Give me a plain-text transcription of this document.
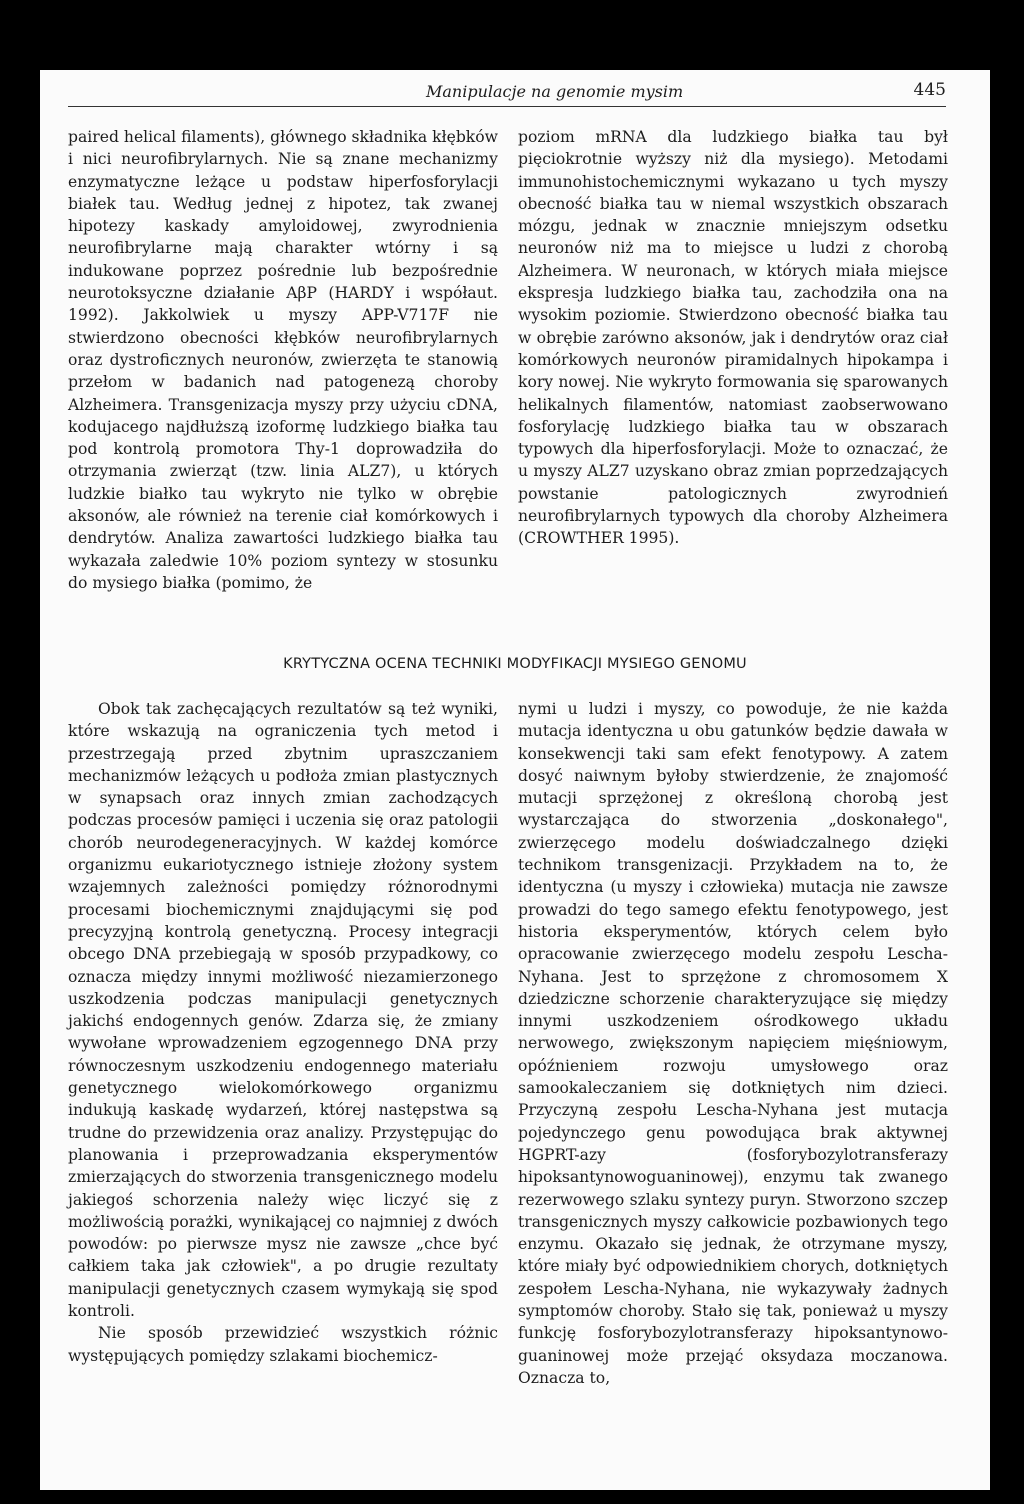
Manipulacje na genomie mysim	445

paired helical filaments), głównego składnika kłębków i nici neurofibrylarnych. Nie są znane mechanizmy enzymatyczne leżące u podstaw hiperfosforylacji białek tau. Według jednej z hipotez, tak zwanej hipotezy kaskady amyloidowej, zwyrodnienia neurofibrylarne mają charakter wtórny i są indukowane poprzez pośrednie lub bezpośrednie neurotoksyczne działanie AβP (HARDY i współaut. 1992). Jakkolwiek u myszy APP-V717F nie stwierdzono obecności kłębków neurofibrylarnych oraz dystroficznych neuronów, zwierzęta te stanowią przełom w badanich nad patogenezą choroby Alzheimera. Transgenizacja myszy przy użyciu cDNA, kodujacego najdłuższą izoformę ludzkiego białka tau pod kontrolą promotora Thy-1 doprowadziła do otrzymania zwierząt (tzw. linia ALZ7), u których ludzkie białko tau wykryto nie tylko w obrębie aksonów, ale również na terenie ciał komórkowych i dendrytów. Analiza zawartości ludzkiego białka tau wykazała zaledwie 10% poziom syntezy w stosunku do mysiego białka (pomimo, że

poziom mRNA dla ludzkiego białka tau był pięciokrotnie wyższy niż dla mysiego). Metodami immunohistochemicznymi wykazano u tych myszy obecność białka tau w niemal wszystkich obszarach mózgu, jednak w znacznie mniejszym odsetku neuronów niż ma to miejsce u ludzi z chorobą Alzheimera. W neuronach, w których miała miejsce ekspresja ludzkiego białka tau, zachodziła ona na wysokim poziomie. Stwierdzono obecność białka tau w obrębie zarówno aksonów, jak i dendrytów oraz ciał komórkowych neuronów piramidalnych hipokampa i kory nowej. Nie wykryto formowania się sparowanych helikalnych filamentów, natomiast zaobserwowano fosforylację ludzkiego białka tau w obszarach typowych dla hiperfosforylacji. Może to oznaczać, że u myszy ALZ7 uzyskano obraz zmian poprzedzających powstanie patologicznych zwyrodnień neurofibrylarnych typowych dla choroby Alzheimera (CROWTHER 1995).

KRYTYCZNA OCENA TECHNIKI MODYFIKACJI MYSIEGO GENOMU

Obok tak zachęcających rezultatów są też wyniki, które wskazują na ograniczenia tych metod i przestrzegają przed zbytnim upraszczaniem mechanizmów leżących u podłoża zmian plastycznych w synapsach oraz innych zmian zachodzących podczas procesów pamięci i uczenia się oraz patologii chorób neurodegeneracyjnych. W każdej komórce organizmu eukariotycznego istnieje złożony system wzajemnych zależności pomiędzy różnorodnymi procesami biochemicznymi znajdującymi się pod precyzyjną kontrolą genetyczną. Procesy integracji obcego DNA przebiegają w sposób przypadkowy, co oznacza między innymi możliwość niezamierzonego uszkodzenia podczas manipulacji genetycznych jakichś endogennych genów. Zdarza się, że zmiany wywołane wprowadzeniem egzogennego DNA przy równoczesnym uszkodzeniu endogennego materiału genetycznego wielokomórkowego organizmu indukują kaskadę wydarzeń, której następstwa są trudne do przewidzenia oraz analizy. Przystępując do planowania i przeprowadzania eksperymentów zmierzających do stworzenia transgenicznego modelu jakiegoś schorzenia należy więc liczyć się z możliwością porażki, wynikającej co najmniej z dwóch powodów: po pierwsze mysz nie zawsze „chce być całkiem taka jak człowiek", a po drugie rezultaty manipulacji genetycznych czasem wymykają się spod kontroli.

Nie sposób przewidzieć wszystkich różnic występujących pomiędzy szlakami biochemicz-

nymi u ludzi i myszy, co powoduje, że nie każda mutacja identyczna u obu gatunków będzie dawała w konsekwencji taki sam efekt fenotypowy. A zatem dosyć naiwnym byłoby stwierdzenie, że znajomość mutacji sprzężonej z określoną chorobą jest wystarczająca do stworzenia „doskonałego", zwierzęcego modelu doświadczalnego dzięki technikom transgenizacji. Przykładem na to, że identyczna (u myszy i człowieka) mutacja nie zawsze prowadzi do tego samego efektu fenotypowego, jest historia eksperymentów, których celem było opracowanie zwierzęcego modelu zespołu Lescha-Nyhana. Jest to sprzężone z chromosomem X dziedziczne schorzenie charakteryzujące się między innymi uszkodzeniem ośrodkowego układu nerwowego, zwiększonym napięciem mięśniowym, opóźnieniem rozwoju umysłowego oraz samookaleczaniem się dotkniętych nim dzieci. Przyczyną zespołu Lescha-Nyhana jest mutacja pojedynczego genu powodująca brak aktywnej HGPRT-azy (fosforybozylotransferazy hipoksantynowoguaninowej), enzymu tak zwanego rezerwowego szlaku syntezy puryn. Stworzono szczep transgenicznych myszy całkowicie pozbawionych tego enzymu. Okazało się jednak, że otrzymane myszy, które miały być odpowiednikiem chorych, dotkniętych zespołem Lescha-Nyhana, nie wykazywały żadnych symptomów choroby. Stało się tak, ponieważ u myszy funkcję fosforybozylotransferazy hipoksantynowo-guaninowej może przejąć oksydaza moczanowa. Oznacza to,
